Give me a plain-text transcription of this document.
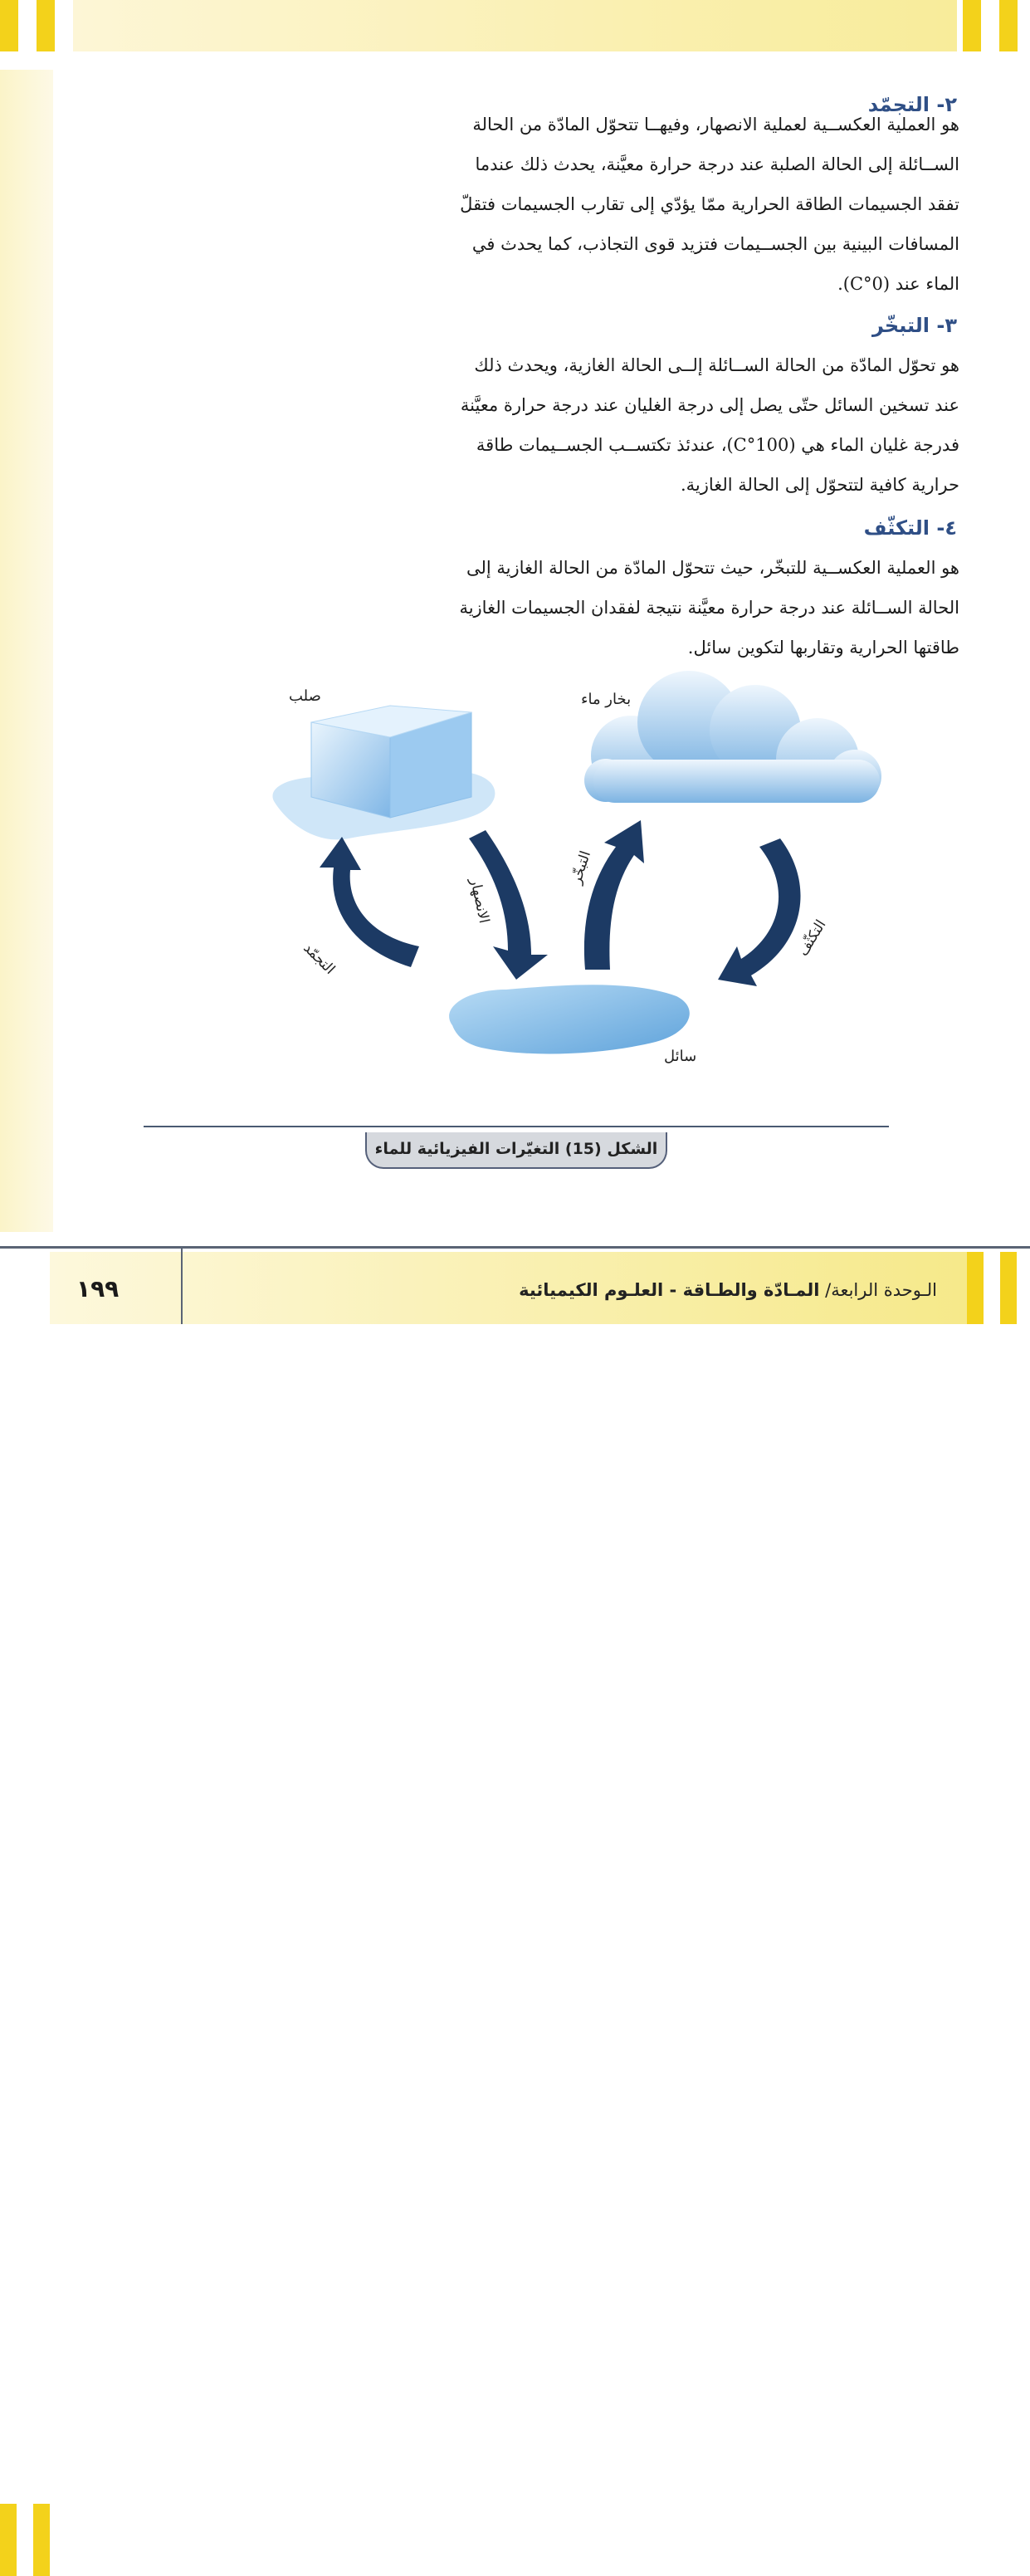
٢- التجمّد
هو العملية العكســية لعملية الانصهار، وفيهــا تتحوّل المادّة من الحالة
الســائلة إلى الحالة الصلبة عند درجة حرارة معيَّنة، يحدث ذلك عندما
تفقد الجسيمات الطاقة الحرارية ممّا يؤدّي إلى تقارب الجسيمات فتقلّ
المسافات البينية بين الجســيمات فتزيد قوى التجاذب، كما يحدث في
الماء عند (0°C).
٣- التبخّر
هو تحوّل المادّة من الحالة الســائلة إلــى الحالة الغازية، ويحدث ذلك
عند تسخين السائل حتّى يصل إلى درجة الغليان عند درجة حرارة معيَّنة
فدرجة غليان الماء هي (100°C)، عندئذ تكتســب الجســيمات طاقة
حرارية كافية لتتحوّل إلى الحالة الغازية.
٤- التكثّف
هو العملية العكســية للتبخّر، حيث تتحوّل المادّة من الحالة الغازية إلى
الحالة الســائلة عند درجة حرارة معيَّنة نتيجة لفقدان الجسيمات الغازية
طاقتها الحرارية وتقاربها لتكوين سائل.
صلب	بخار ماء
سائل
الانصهار
التبخّر
التكثّف
التجمّد
الشكل (15) التغيّرات الفيزيائية للماء
١٩٩	الـوحدة الرابعة/ المـادّة والطـاقة - العلـوم الكيميائية
